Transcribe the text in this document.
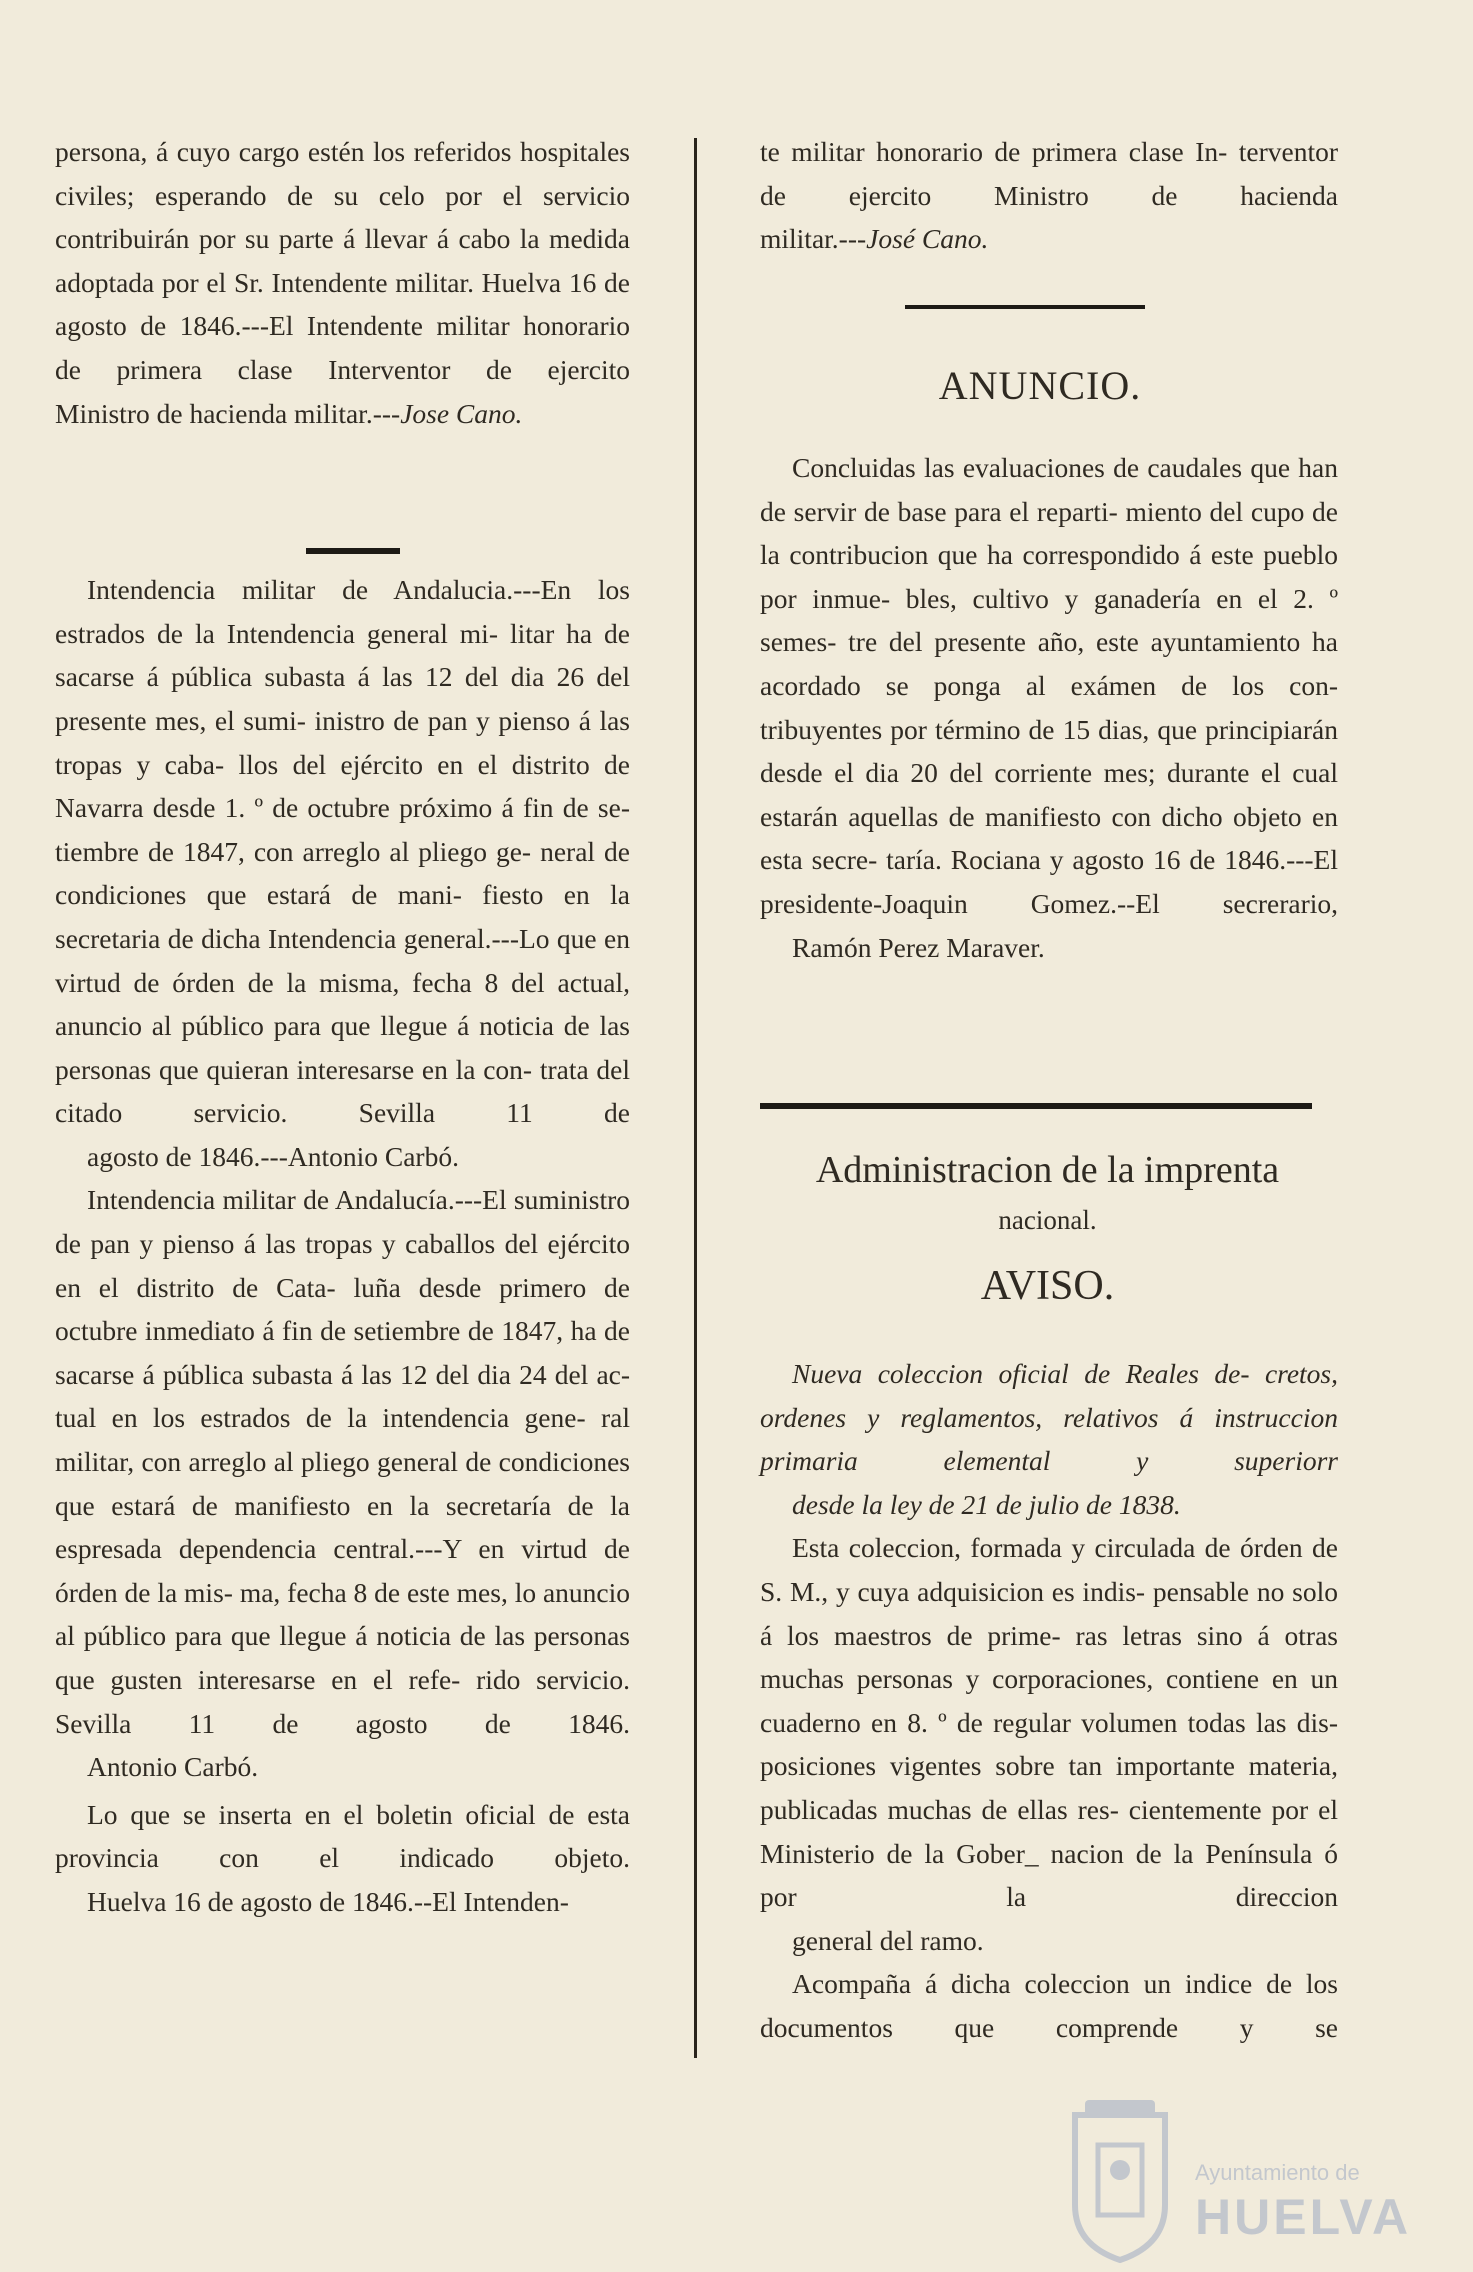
persona, á cuyo cargo estén los referidos hospitales civiles; esperando de su celo por el servicio contribuirán por su parte á llevar á cabo la medida adoptada por el Sr. Intendente militar. Huelva 16 de agosto de 1846.---El Intendente militar honorario de primera clase Interventor de ejercito
Ministro de hacienda militar.---Jose Cano.

Intendencia militar de Andalucia.---En los estrados de la Intendencia general mi- litar ha de sacarse á pública subasta á las 12 del dia 26 del presente mes, el sumi- inistro de pan y pienso á las tropas y caba- llos del ejército en el distrito de Navarra desde 1. º de octubre próximo á fin de se- tiembre de 1847, con arreglo al pliego ge- neral de condiciones que estará de mani- fiesto en la secretaria de dicha Intendencia general.---Lo que en virtud de órden de la misma, fecha 8 del actual, anuncio al público para que llegue á noticia de las personas que quieran interesarse en la con- trata del citado servicio. Sevilla 11 de
agosto de 1846.---Antonio Carbó.

Intendencia militar de Andalucía.---El suministro de pan y pienso á las tropas y caballos del ejército en el distrito de Cata- luña desde primero de octubre inmediato á fin de setiembre de 1847, ha de sacarse á pública subasta á las 12 del dia 24 del ac- tual en los estrados de la intendencia gene- ral militar, con arreglo al pliego general de condiciones que estará de manifiesto en la secretaría de la espresada dependencia central.---Y en virtud de órden de la mis- ma, fecha 8 de este mes, lo anuncio al público para que llegue á noticia de las personas que gusten interesarse en el refe- rido servicio. Sevilla 11 de agosto de 1846.
Antonio Carbó.

Lo que se inserta en el boletin oficial de esta provincia con el indicado objeto.
Huelva 16 de agosto de 1846.--El Intenden-

te militar honorario de primera clase In- terventor de ejercito Ministro de hacienda
militar.---José Cano.

ANUNCIO.

Concluidas las evaluaciones de caudales que han de servir de base para el reparti- miento del cupo de la contribucion que ha correspondido á este pueblo por inmue- bles, cultivo y ganadería en el 2. º semes- tre del presente año, este ayuntamiento ha acordado se ponga al exámen de los con- tribuyentes por término de 15 dias, que principiarán desde el dia 20 del corriente mes; durante el cual estarán aquellas de manifiesto con dicho objeto en esta secre- taría. Rociana y agosto 16 de 1846.---El presidente-Joaquin Gomez.--El secrerario,
Ramón Perez Maraver.

Administracion de la imprenta
nacional.
AVISO.

Nueva coleccion oficial de Reales de- cretos, ordenes y reglamentos, relativos á instruccion primaria elemental y superiorr
desde la ley de 21 de julio de 1838.

Esta coleccion, formada y circulada de órden de S. M., y cuya adquisicion es indis- pensable no solo á los maestros de prime- ras letras sino á otras muchas personas y corporaciones, contiene en un cuaderno en 8. º de regular volumen todas las dis- posiciones vigentes sobre tan importante materia, publicadas muchas de ellas res- cientemente por el Ministerio de la Gober_ nacion de la Península ó por la direccion
general del ramo.

Acompaña á dicha coleccion un indice de los documentos que comprende y se

Ayuntamiento de
HUELVA
